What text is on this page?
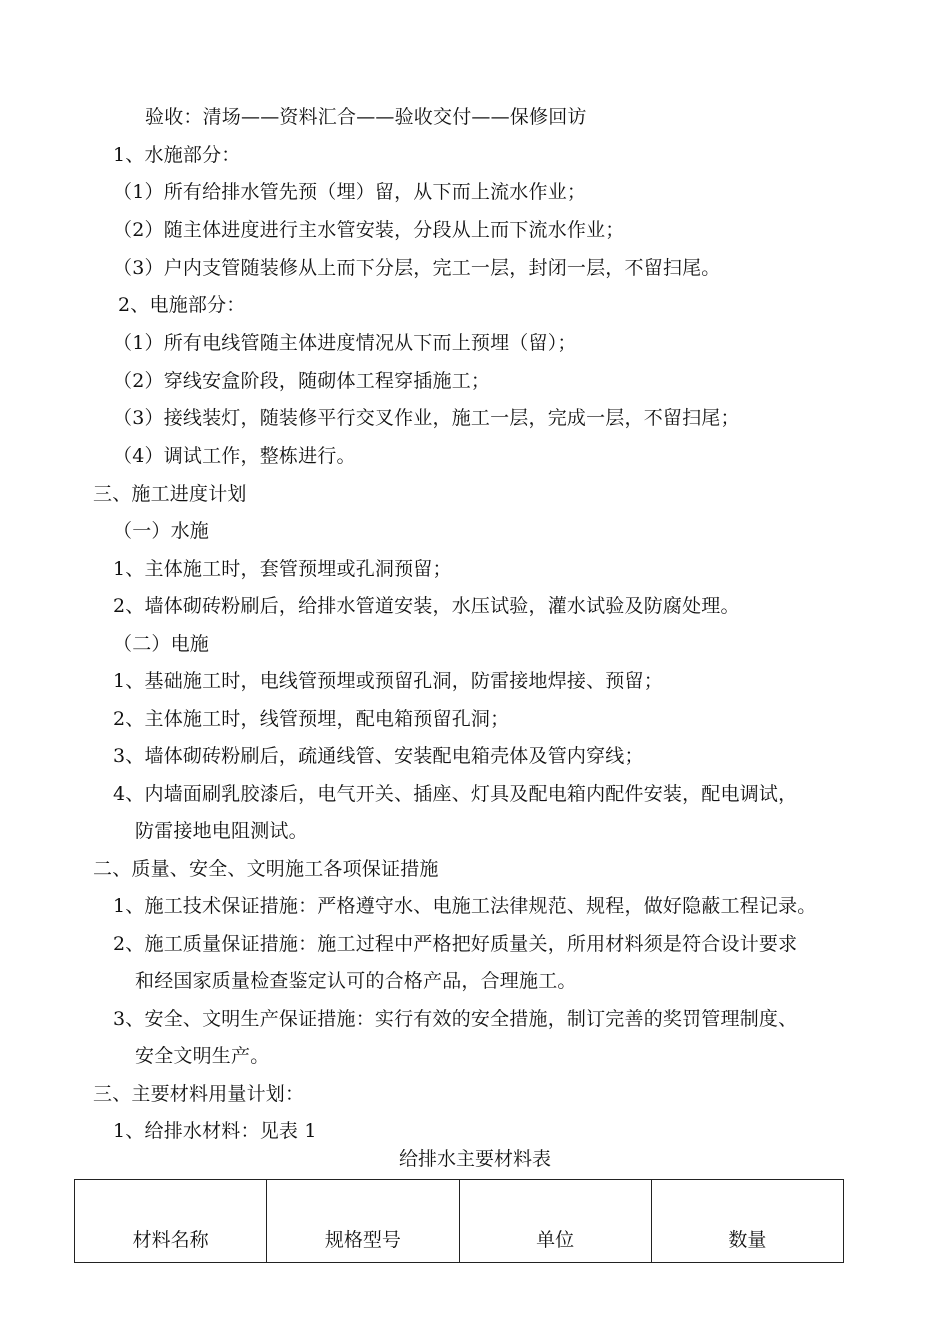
验收：清场——资料汇合——验收交付——保修回访
1、水施部分：
（1）所有给排水管先预（埋）留，从下而上流水作业；
（2）随主体进度进行主水管安装，分段从上而下流水作业；
（3）户内支管随装修从上而下分层，完工一层，封闭一层，不留扫尾。
2、电施部分：
（1）所有电线管随主体进度情况从下而上预埋（留）；
（2）穿线安盒阶段，随砌体工程穿插施工；
（3）接线装灯，随装修平行交叉作业，施工一层，完成一层，不留扫尾；
（4）调试工作，整栋进行。
三、施工进度计划
（一）水施
1、主体施工时，套管预埋或孔洞预留；
2、墙体砌砖粉刷后，给排水管道安装，水压试验，灌水试验及防腐处理。
（二）电施
1、基础施工时，电线管预埋或预留孔洞，防雷接地焊接、预留；
2、主体施工时，线管预埋，配电箱预留孔洞；
3、墙体砌砖粉刷后，疏通线管、安装配电箱壳体及管内穿线；
4、内墙面刷乳胶漆后，电气开关、插座、灯具及配电箱内配件安装，配电调试，
防雷接地电阻测试。
二、质量、安全、文明施工各项保证措施
1、施工技术保证措施：严格遵守水、电施工法律规范、规程，做好隐蔽工程记录。
2、施工质量保证措施：施工过程中严格把好质量关，所用材料须是符合设计要求
和经国家质量检查鉴定认可的合格产品，合理施工。
3、安全、文明生产保证措施：实行有效的安全措施，制订完善的奖罚管理制度、
安全文明生产。
三、主要材料用量计划：
1、给排水材料：见表 1
给排水主要材料表
材料名称	规格型号	单位	数量
